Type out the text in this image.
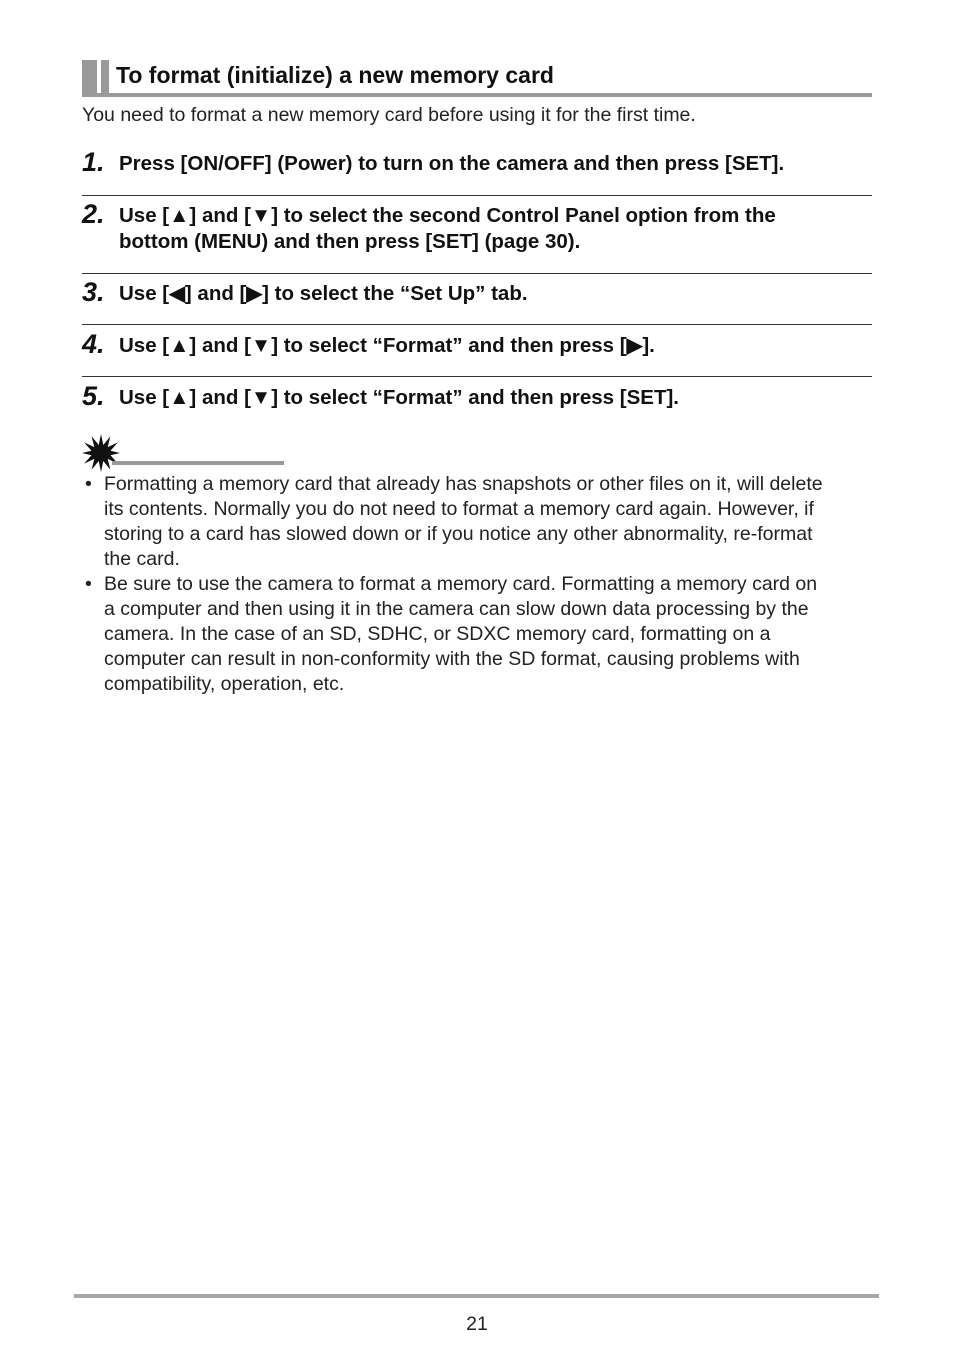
To format (initialize) a new memory card
You need to format a new memory card before using it for the first time.
1. Press [ON/OFF] (Power) to turn on the camera and then press [SET].
2. Use [▲] and [▼] to select the second Control Panel option from the
bottom (MENU) and then press [SET] (page 30).
3. Use [◀] and [▶] to select the “Set Up” tab.
4. Use [▲] and [▼] to select “Format” and then press [▶].
5. Use [▲] and [▼] to select “Format” and then press [SET].
• Formatting a memory card that already has snapshots or other files on it, will delete
its contents. Normally you do not need to format a memory card again. However, if
storing to a card has slowed down or if you notice any other abnormality, re-format
the card.
• Be sure to use the camera to format a memory card. Formatting a memory card on
a computer and then using it in the camera can slow down data processing by the
camera. In the case of an SD, SDHC, or SDXC memory card, formatting on a
computer can result in non-conformity with the SD format, causing problems with
compatibility, operation, etc.
21
